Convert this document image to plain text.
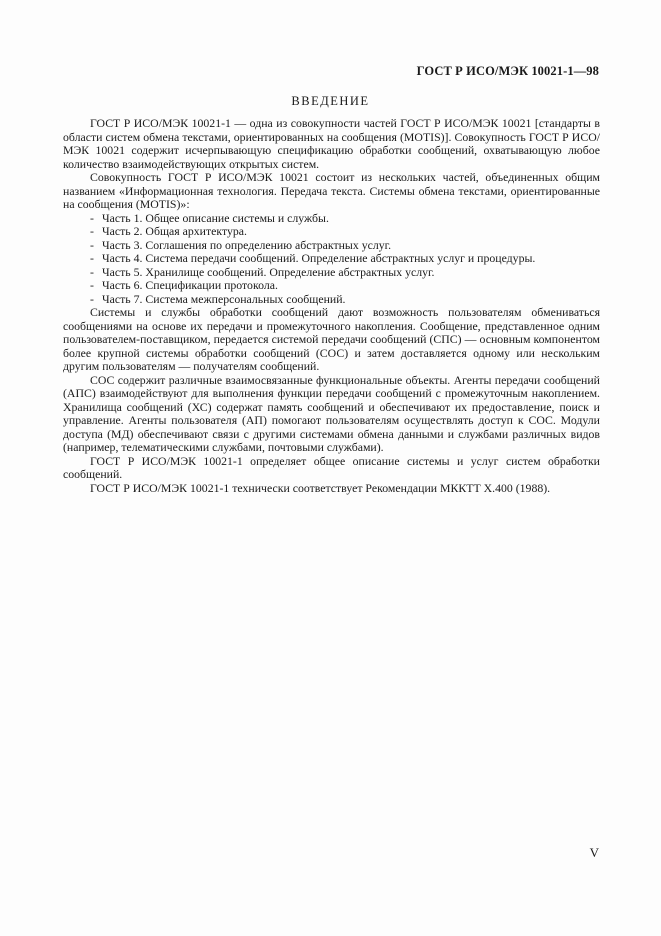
ГОСТ Р ИСО/МЭК 10021-1—98
ВВЕДЕНИЕ

ГОСТ Р ИСО/МЭК 10021-1 — одна из совокупности частей ГОСТ Р ИСО/МЭК 10021 [стандарты в области систем обмена текстами, ориентированных на сообщения (MOTIS)]. Совокупность ГОСТ Р ИСО/МЭК 10021 содержит исчерпывающую спецификацию обработки сообщений, охватывающую любое количество взаимодействующих открытых систем.

Совокупность ГОСТ Р ИСО/МЭК 10021 состоит из нескольких частей, объединенных общим названием «Информационная технология. Передача текста. Системы обмена текстами, ориентированные на сообщения (MOTIS)»:

- Часть 1. Общее описание системы и службы.
- Часть 2. Общая архитектура.
- Часть 3. Соглашения по определению абстрактных услуг.
- Часть 4. Система передачи сообщений. Определение абстрактных услуг и процедуры.
- Часть 5. Хранилище сообщений. Определение абстрактных услуг.
- Часть 6. Спецификации протокола.
- Часть 7. Система межперсональных сообщений.

Системы и службы обработки сообщений дают возможность пользователям обмениваться сообщениями на основе их передачи и промежуточного накопления. Сообщение, представленное одним пользователем-поставщиком, передается системой передачи сообщений (СПС) — основным компонентом более крупной системы обработки сообщений (СОС) и затем доставляется одному или нескольким другим пользователям — получателям сообщений.

СОС содержит различные взаимосвязанные функциональные объекты. Агенты передачи сообщений (АПС) взаимодействуют для выполнения функции передачи сообщений с промежуточным накоплением. Хранилища сообщений (ХС) содержат память сообщений и обеспечивают их предоставление, поиск и управление. Агенты пользователя (АП) помогают пользователям осуществлять доступ к СОС. Модули доступа (МД) обеспечивают связи с другими системами обмена данными и службами различных видов (например, телематическими службами, почтовыми службами).

ГОСТ Р ИСО/МЭК 10021-1 определяет общее описание системы и услуг систем обработки сообщений.

ГОСТ Р ИСО/МЭК 10021-1 технически соответствует Рекомендации МККТТ Х.400 (1988).

V
